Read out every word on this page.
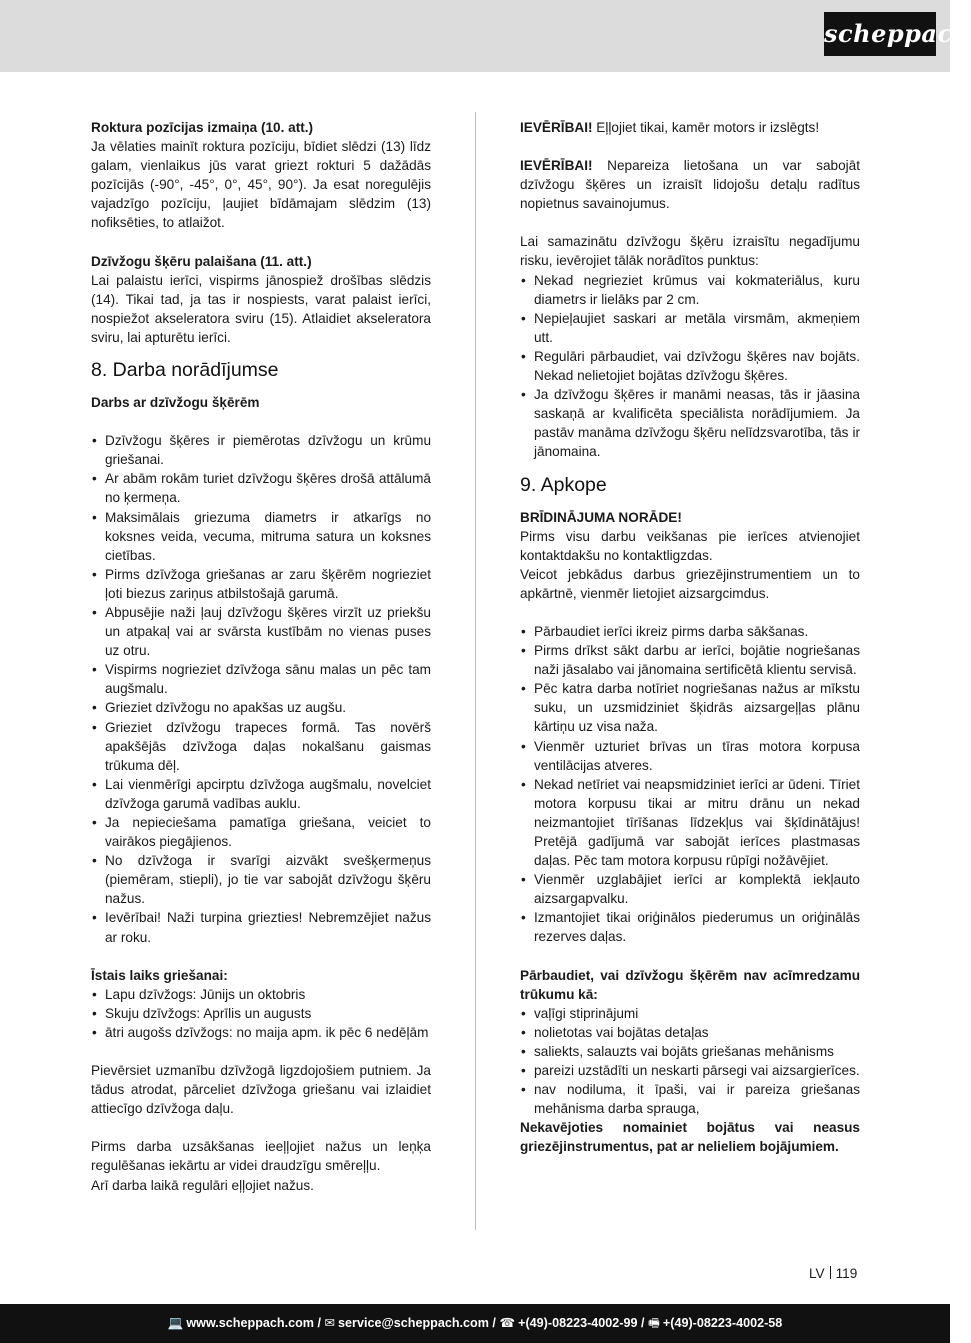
scheppach

Roktura pozīcijas izmaiņa (10. att.)

Ja vēlaties mainīt roktura pozīciju, bīdiet slēdzi (13) līdz galam, vienlaikus jūs varat griezt rokturi 5 dažādās pozīcijās (-90°, -45°, 0°, 45°, 90°). Ja esat noregulējis vajadzīgo pozīciju, ļaujiet bīdāmajam slēdzim (13) nofiksēties, to atlaižot.

Dzīvžogu šķēru palaišana (11. att.)

Lai palaistu ierīci, vispirms jānospiež drošības slēdzis (14). Tikai tad, ja tas ir nospiests, varat palaist ierīci, nospiežot akseleratora sviru (15). Atlaidiet akseleratora sviru, lai apturētu ierīci.

8. Darba norādījumse

Darbs ar dzīvžogu šķērēm

• Dzīvžogu šķēres ir piemērotas dzīvžogu un krūmu griešanai.
• Ar abām rokām turiet dzīvžogu šķēres drošā attālumā no ķermeņa.
• Maksimālais griezuma diametrs ir atkarīgs no koksnes veida, vecuma, mitruma satura un koksnes cietības.
• Pirms dzīvžoga griešanas ar zaru šķērēm nogrieziet ļoti biezus zariņus atbilstošajā garumā.
• Abpusējie naži ļauj dzīvžogu šķēres virzīt uz priekšu un atpakaļ vai ar svārsta kustībām no vienas puses uz otru.
• Vispirms nogrieziet dzīvžoga sānu malas un pēc tam augšmalu.
• Grieziet dzīvžogu no apakšas uz augšu.
• Grieziet dzīvžogu trapeces formā. Tas novērš apakšējās dzīvžoga daļas nokalšanu gaismas trūkuma dēļ.
• Lai vienmērīgi apcirptu dzīvžoga augšmalu, novelciet dzīvžoga garumā vadības auklu.
• Ja nepieciešama pamatīga griešana, veiciet to vairākos piegājienos.
• No dzīvžoga ir svarīgi aizvākt svešķermeņus (piemēram, stiepli), jo tie var sabojāt dzīvžogu šķēru nažus.
• Ievērībai! Naži turpina griezties! Nebremzējiet nažus ar roku.

Īstais laiks griešanai:

• Lapu dzīvžogs: Jūnijs un oktobris
• Skuju dzīvžogs: Aprīlis un augusts
• ātri augošs dzīvžogs: no maija apm. ik pēc 6 nedēļām

Pievērsiet uzmanību dzīvžogā ligzdojošiem putniem. Ja tādus atrodat, pārceliet dzīvžoga griešanu vai izlaidiet attiecīgo dzīvžoga daļu.

Pirms darba uzsākšanas ieeļļojiet nažus un leņķa regulēšanas iekārtu ar videi draudzīgu smēreļļu.

Arī darba laikā regulāri eļļojiet nažus.

IEVĒRĪBAI! Eļļojiet tikai, kamēr motors ir izslēgts!

IEVĒRĪBAI! Nepareiza lietošana un var sabojāt dzīvžogu šķēres un izraisīt lidojošu detaļu radītus nopietnus savainojumus.

Lai samazinātu dzīvžogu šķēru izraisītu negadījumu risku, ievērojiet tālāk norādītos punktus:

• Nekad negrieziet krūmus vai kokmateriālus, kuru diametrs ir lielāks par 2 cm.
• Nepieļaujiet saskari ar metāla virsmām, akmeņiem utt.
• Regulāri pārbaudiet, vai dzīvžogu šķēres nav bojāts. Nekad nelietojiet bojātas dzīvžogu šķēres.
• Ja dzīvžogu šķēres ir manāmi neasas, tās ir jāasina saskaņā ar kvalificēta speciālista norādījumiem. Ja pastāv manāma dzīvžogu šķēru nelīdzsvarotība, tās ir jānomaina.
9. Apkope

BRĪDINĀJUMA NORĀDE!

Pirms visu darbu veikšanas pie ierīces atvienojiet kontaktdakšu no kontaktligzdas.

Veicot jebkādus darbus griezējinstrumentiem un to apkārtnē, vienmēr lietojiet aizsargcimdus.

• Pārbaudiet ierīci ikreiz pirms darba sākšanas.
• Pirms drīkst sākt darbu ar ierīci, bojātie nogriešanas naži jāsalabo vai jānomaina sertificētā klientu servisā.
• Pēc katra darba notīriet nogriešanas nažus ar mīkstu suku, un uzsmidziniet šķidrās aizsargeļļas plānu kārtiņu uz visa naža.
• Vienmēr uzturiet brīvas un tīras motora korpusa ventilācijas atveres.
• Nekad netīriet vai neapsmidziniet ierīci ar ūdeni. Tīriet motora korpusu tikai ar mitru drānu un nekad neizmantojiet tīrīšanas līdzekļus vai šķīdinātājus! Pretējā gadījumā var sabojāt ierīces plastmasas daļas. Pēc tam motora korpusu rūpīgi nožāvējiet.
• Vienmēr uzglabājiet ierīci ar komplektā iekļauto aizsargapvalku.
• Izmantojiet tikai oriģinālos piederumus un oriģinālās rezerves daļas.

Pārbaudiet, vai dzīvžogu šķērēm nav acīmredzamu trūkumu kā:

• vaļīgi stiprinājumi
• nolietotas vai bojātas detaļas
• saliekts, salauzts vai bojāts griešanas mehānisms
• pareizi uzstādīti un neskarti pārsegi vai aizsargierīces.
• nav nodiluma, it īpaši, vai ir pareiza griešanas mehānisma darba sprauga,

Nekavējoties nomainiet bojātus vai neasus griezējinstrumentus, pat ar nelieliem bojājumiem.

LV 119
💻 www.scheppach.com / ✉ service@scheppach.com / ☎ +(49)-08223-4002-99 / 🖷 +(49)-08223-4002-58
